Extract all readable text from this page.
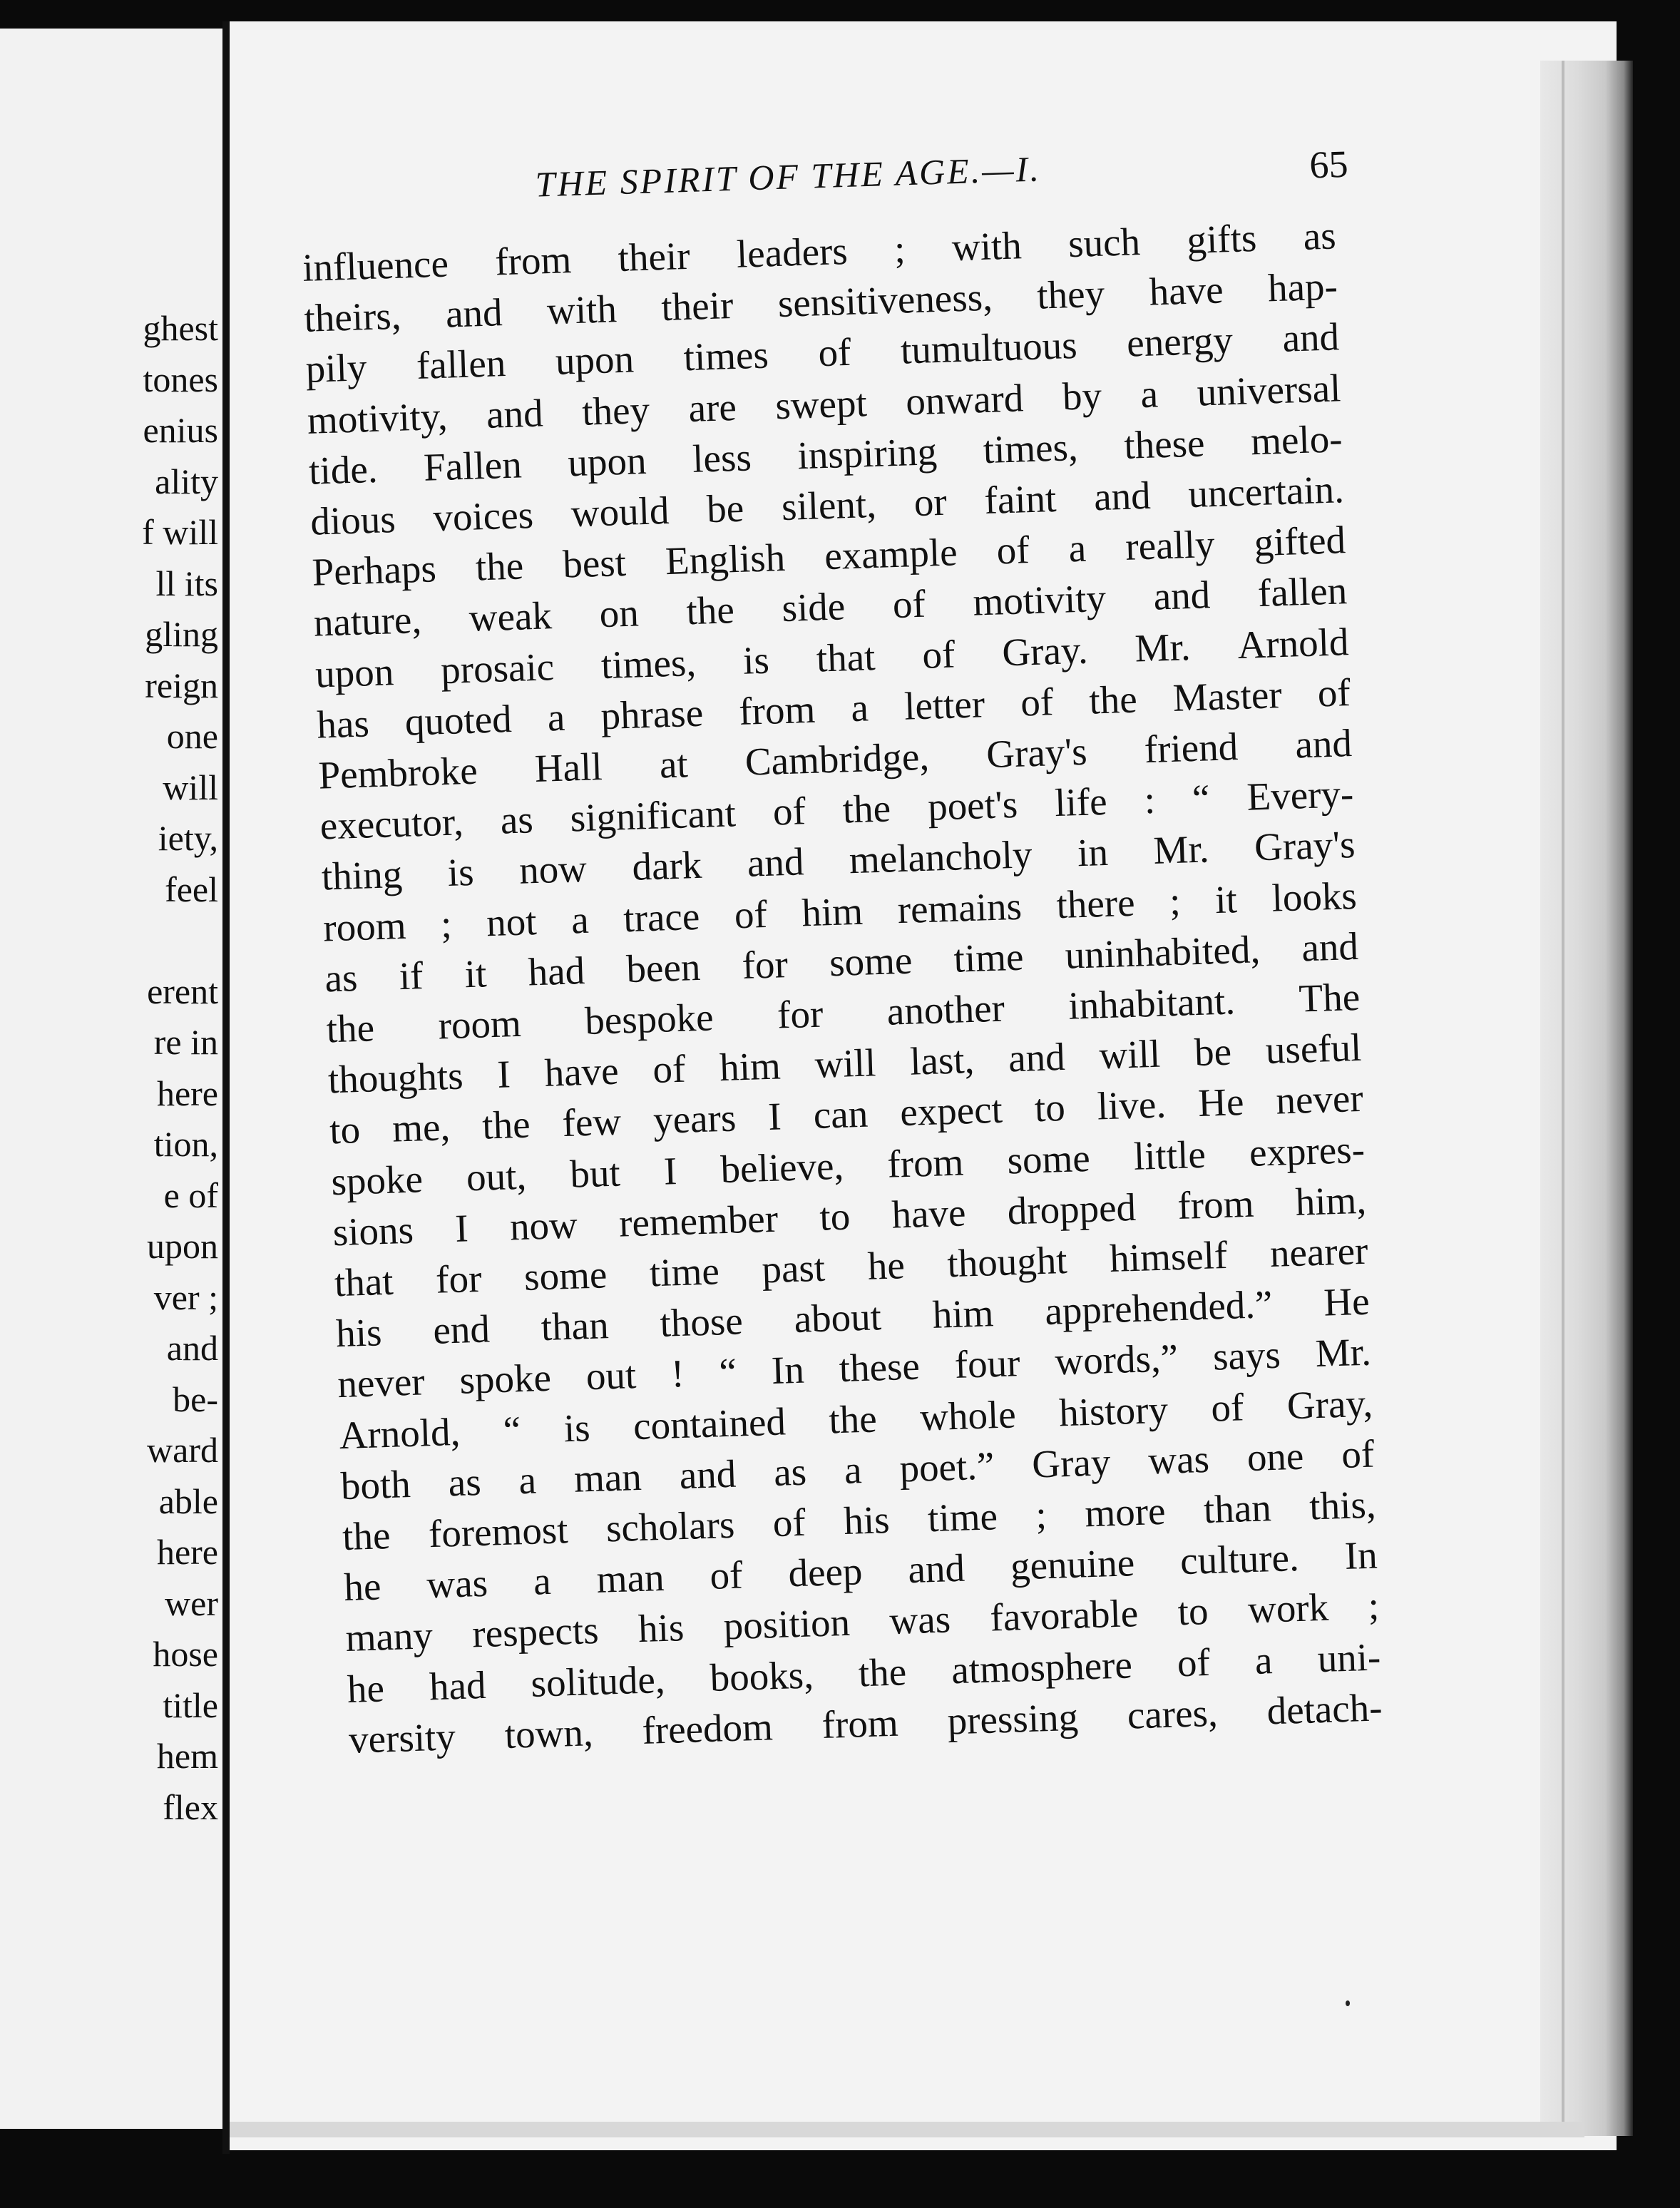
ghest
tones
enius
ality
f will
ll its
gling
reign
one
will
iety,
feel

erent
re in
here
tion,
e of
upon
ver ;
and
be-
ward
able
here
wer
hose
title
hem
flex
THE SPIRIT OF THE AGE.—I.	65
influence from their leaders ; with such gifts as
theirs, and with their sensitiveness, they have hap-
pily fallen upon times of tumultuous energy and
motivity, and they are swept onward by a universal
tide. Fallen upon less inspiring times, these melo-
dious voices would be silent, or faint and uncertain.
Perhaps the best English example of a really gifted
nature, weak on the side of motivity and fallen
upon prosaic times, is that of Gray. Mr. Arnold
has quoted a phrase from a letter of the Master of
Pembroke Hall at Cambridge, Gray's friend and
executor, as significant of the poet's life : “ Every-
thing is now dark and melancholy in Mr. Gray's
room ; not a trace of him remains there ; it looks
as if it had been for some time uninhabited, and
the room bespoke for another inhabitant. The
thoughts I have of him will last, and will be useful
to me, the few years I can expect to live. He never
spoke out, but I believe, from some little expres-
sions I now remember to have dropped from him,
that for some time past he thought himself nearer
his end than those about him apprehended.” He
never spoke out ! “ In these four words,” says Mr.
Arnold, “ is contained the whole history of Gray,
both as a man and as a poet.” Gray was one of
the foremost scholars of his time ; more than this,
he was a man of deep and genuine culture. In
many respects his position was favorable to work ;
he had solitude, books, the atmosphere of a uni-
versity town, freedom from pressing cares, detach-
